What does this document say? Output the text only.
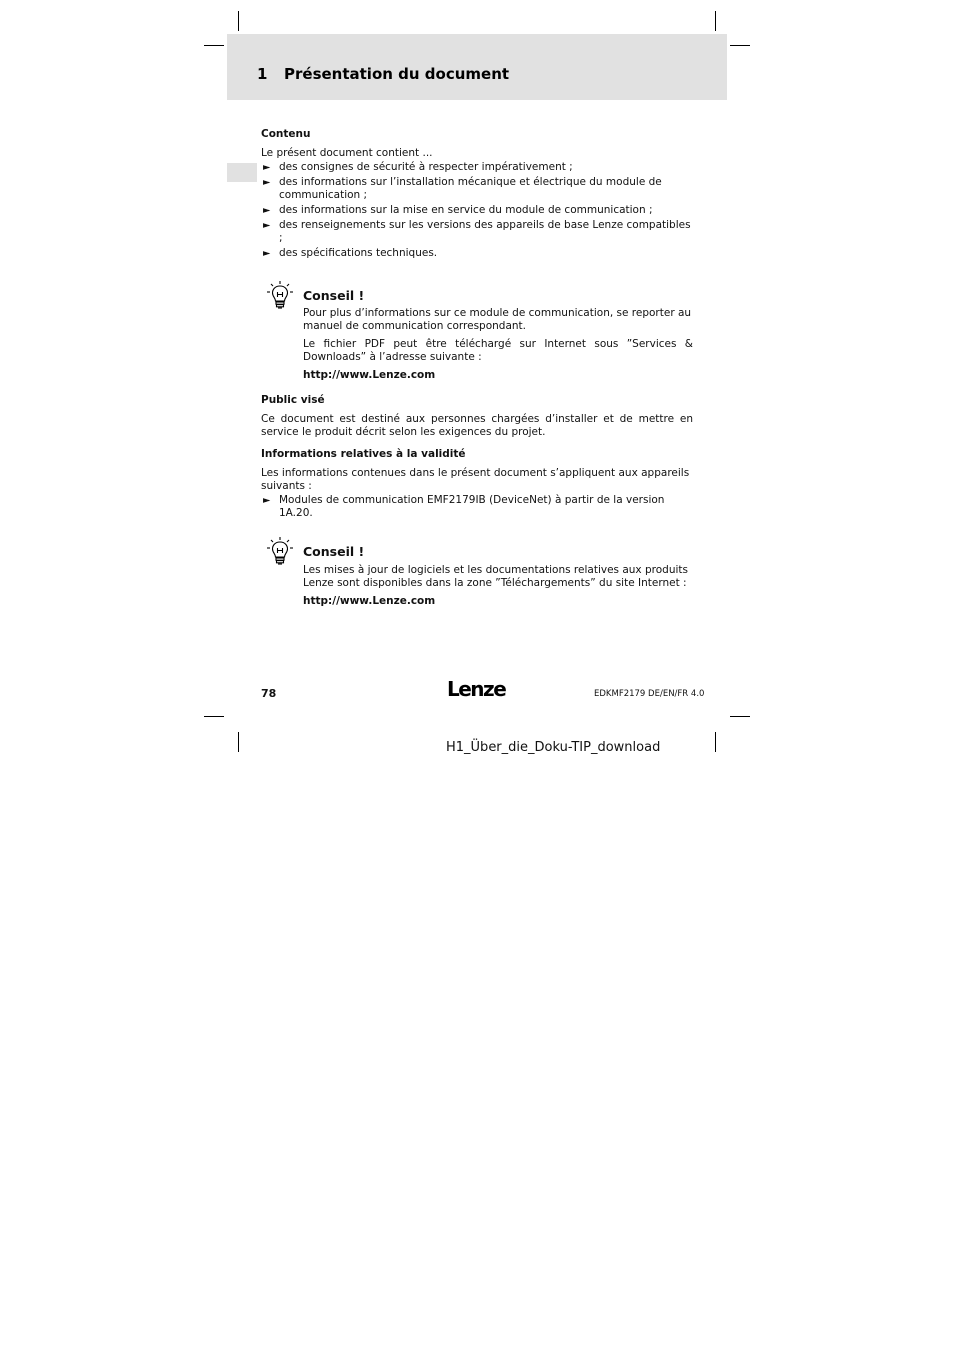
1 Présentation du document

Contenu

Le présent document contient ...

► des consignes de sécurité à respecter impérativement ;
► des informations sur l’installation mécanique et électrique du module de communication ;
► des informations sur la mise en service du module de communication ;
► des renseignements sur les versions des appareils de base Lenze compatibles ;
► des spécifications techniques.
Conseil !

Pour plus d’informations sur ce module de communication, se reporter au manuel de communication correspondant.

Le fichier PDF peut être téléchargé sur Internet sous ”Services & Downloads” à l’adresse suivante :

http://www.Lenze.com

Public visé

Ce document est destiné aux personnes chargées d’installer et de mettre en service le produit décrit selon les exigences du projet.

Informations relatives à la validité

Les informations contenues dans le présent document s’appliquent aux appareils suivants :

► Modules de communication EMF2179IB (DeviceNet) à partir de la version 1A.20.
Conseil !

Les mises à jour de logiciels et les documentations relatives aux produits Lenze sont disponibles dans la zone ”Téléchargements” du site Internet :

http://www.Lenze.com

78	Lenze	EDKMF2179 DE/EN/FR 4.0
H1_Über_die_Doku-TIP_download
